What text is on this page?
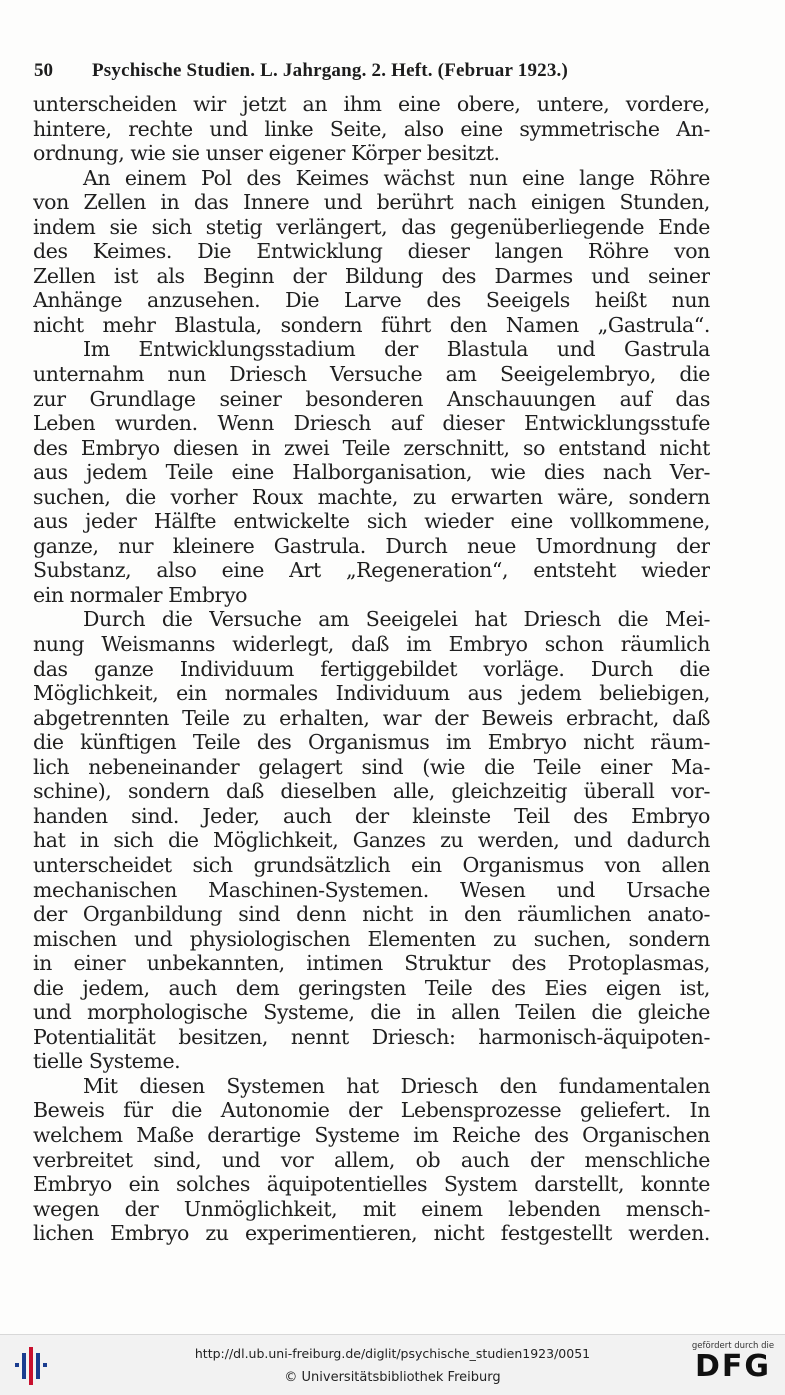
50 Psychische Studien. L. Jahrgang. 2. Heft. (Februar 1923.)
unterscheiden wir jetzt an ihm eine obere, untere, vordere,
hintere, rechte und linke Seite, also eine symmetrische An-
ordnung, wie sie unser eigener Körper besitzt.
An einem Pol des Keimes wächst nun eine lange Röhre
von Zellen in das Innere und berührt nach einigen Stunden,
indem sie sich stetig verlängert, das gegenüberliegende Ende
des Keimes. Die Entwicklung dieser langen Röhre von
Zellen ist als Beginn der Bildung des Darmes und seiner
Anhänge anzusehen. Die Larve des Seeigels heißt nun
nicht mehr Blastula, sondern führt den Namen „Gastrula“.
Im Entwicklungsstadium der Blastula und Gastrula
unternahm nun Driesch Versuche am Seeigelembryo, die
zur Grundlage seiner besonderen Anschauungen auf das
Leben wurden. Wenn Driesch auf dieser Entwicklungsstufe
des Embryo diesen in zwei Teile zerschnitt, so entstand nicht
aus jedem Teile eine Halborganisation, wie dies nach Ver-
suchen, die vorher Roux machte, zu erwarten wäre, sondern
aus jeder Hälfte entwickelte sich wieder eine vollkommene,
ganze, nur kleinere Gastrula. Durch neue Umordnung der
Substanz, also eine Art „Regeneration“, entsteht wieder
ein normaler Embryo
Durch die Versuche am Seeigelei hat Driesch die Mei-
nung Weismanns widerlegt, daß im Embryo schon räumlich
das ganze Individuum fertiggebildet vorläge. Durch die
Möglichkeit, ein normales Individuum aus jedem beliebigen,
abgetrennten Teile zu erhalten, war der Beweis erbracht, daß
die künftigen Teile des Organismus im Embryo nicht räum-
lich nebeneinander gelagert sind (wie die Teile einer Ma-
schine), sondern daß dieselben alle, gleichzeitig überall vor-
handen sind. Jeder, auch der kleinste Teil des Embryo
hat in sich die Möglichkeit, Ganzes zu werden, und dadurch
unterscheidet sich grundsätzlich ein Organismus von allen
mechanischen Maschinen-Systemen. Wesen und Ursache
der Organbildung sind denn nicht in den räumlichen anato-
mischen und physiologischen Elementen zu suchen, sondern
in einer unbekannten, intimen Struktur des Protoplasmas,
die jedem, auch dem geringsten Teile des Eies eigen ist,
und morphologische Systeme, die in allen Teilen die gleiche
Potentialität besitzen, nennt Driesch: harmonisch-äquipoten-
tielle Systeme.
Mit diesen Systemen hat Driesch den fundamentalen
Beweis für die Autonomie der Lebensprozesse geliefert. In
welchem Maße derartige Systeme im Reiche des Organischen
verbreitet sind, und vor allem, ob auch der menschliche
Embryo ein solches äquipotentielles System darstellt, konnte
wegen der Unmöglichkeit, mit einem lebenden mensch-
lichen Embryo zu experimentieren, nicht festgestellt werden.
http://dl.ub.uni-freiburg.de/diglit/psychische_studien1923/0051
© Universitätsbibliothek Freiburg
gefördert durch die
DFG
